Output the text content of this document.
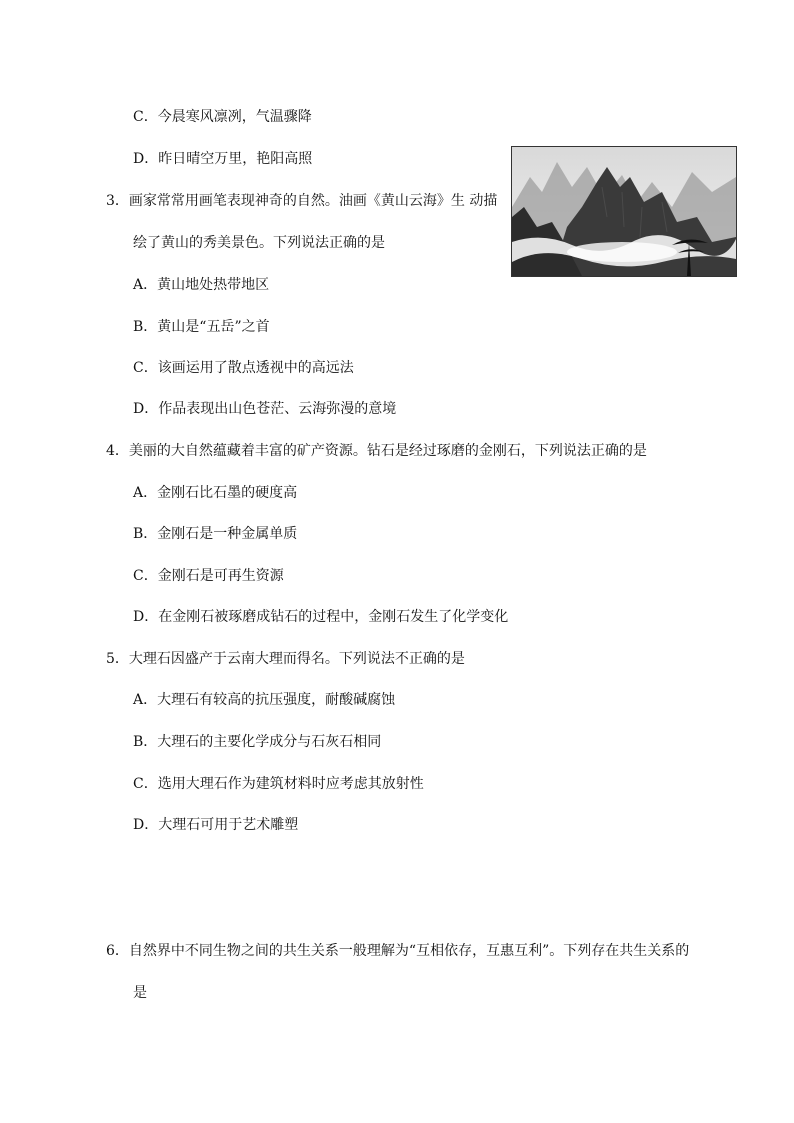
C．今晨寒风凛冽，气温骤降
D．昨日晴空万里，艳阳高照
3．画家常常用画笔表现神奇的自然。油画《黄山云海》生 动描
绘了黄山的秀美景色。下列说法正确的是
A．黄山地处热带地区
B．黄山是“五岳”之首
C．该画运用了散点透视中的高远法
D．作品表现出山色苍茫、云海弥漫的意境
4．美丽的大自然蕴藏着丰富的矿产资源。钻石是经过琢磨的金刚石，下列说法正确的是
A．金刚石比石墨的硬度高
B．金刚石是一种金属单质
C．金刚石是可再生资源
D．在金刚石被琢磨成钻石的过程中，金刚石发生了化学变化
5．大理石因盛产于云南大理而得名。下列说法不正确的是
A．大理石有较高的抗压强度，耐酸碱腐蚀
B．大理石的主要化学成分与石灰石相同
C．选用大理石作为建筑材料时应考虑其放射性
D．大理石可用于艺术雕塑
6．自然界中不同生物之间的共生关系一般理解为“互相依存，互惠互利”。下列存在共生关系的
是
